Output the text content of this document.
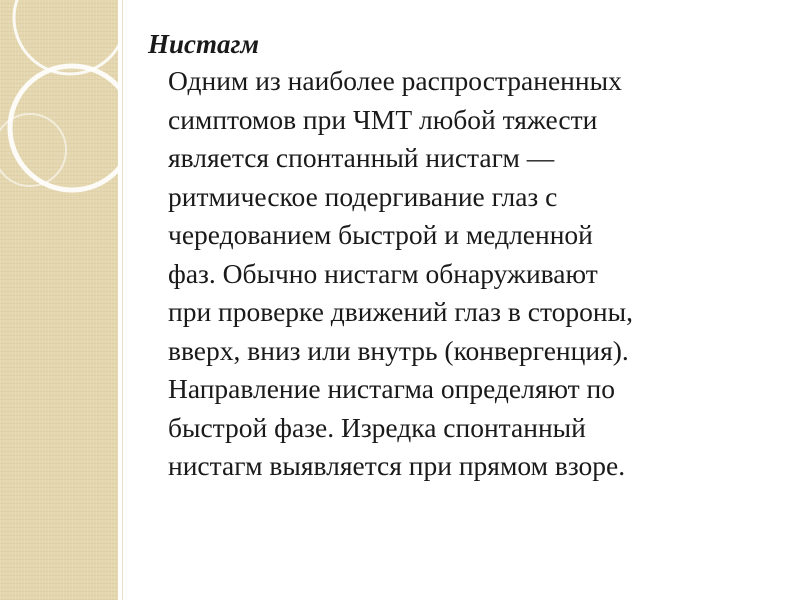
Нистагм

Одним из наиболее распространенных
симптомов при ЧМТ любой тяжести
является спонтанный нистагм —
ритмическое подергивание глаз с
чередованием быстрой и медленной
фаз. Обычно нистагм обнаруживают
при проверке движений глаз в стороны,
вверх, вниз или внутрь (конвергенция).
Направление нистагма определяют по
быстрой фазе. Изредка спонтанный
нистагм выявляется при прямом взоре.
